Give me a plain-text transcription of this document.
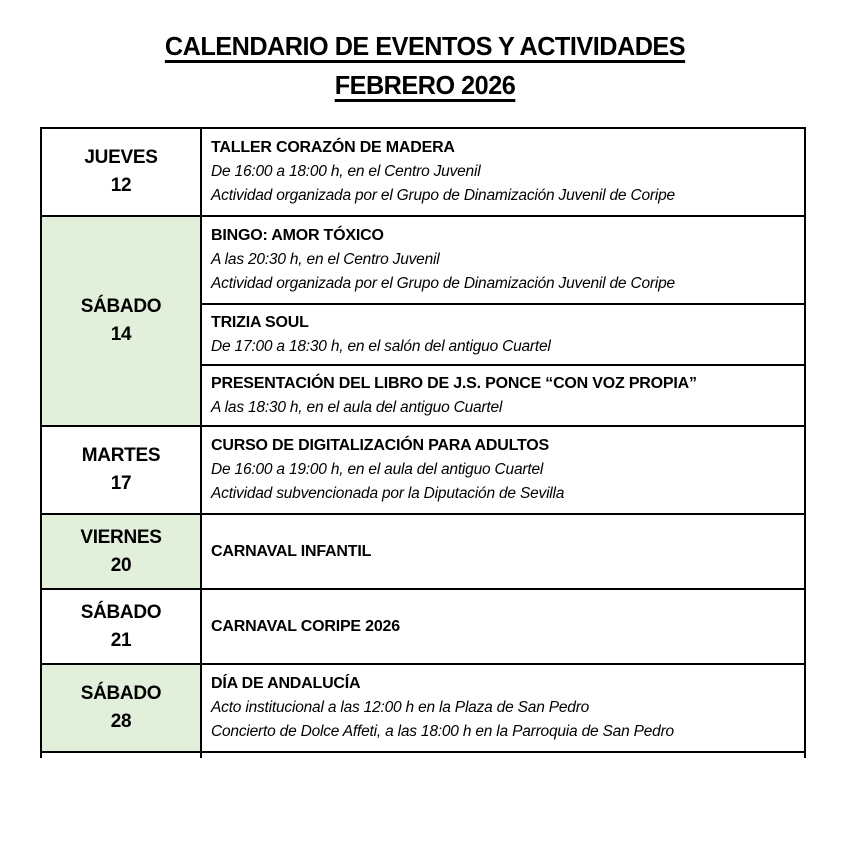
CALENDARIO DE EVENTOS Y ACTIVIDADES
FEBRERO 2026
JUEVES
12
TALLER CORAZÓN DE MADERA
De 16:00 a 18:00 h, en el Centro Juvenil
Actividad organizada por el Grupo de Dinamización Juvenil de Coripe
SÁBADO
14
BINGO: AMOR TÓXICO
A las 20:30 h, en el Centro Juvenil
Actividad organizada por el Grupo de Dinamización Juvenil de Coripe
TRIZIA SOUL
De 17:00 a 18:30 h, en el salón del antiguo Cuartel
PRESENTACIÓN DEL LIBRO DE J.S. PONCE “CON VOZ PROPIA”
A las 18:30 h, en el aula del antiguo Cuartel
MARTES
17
CURSO DE DIGITALIZACIÓN PARA ADULTOS
De 16:00 a 19:00 h, en el aula del antiguo Cuartel
Actividad subvencionada por la Diputación de Sevilla
VIERNES
20
CARNAVAL INFANTIL
SÁBADO
21
CARNAVAL CORIPE 2026
SÁBADO
28
DÍA DE ANDALUCÍA
Acto institucional a las 12:00 h en la Plaza de San Pedro
Concierto de Dolce Affeti, a las 18:00 h en la Parroquia de San Pedro
